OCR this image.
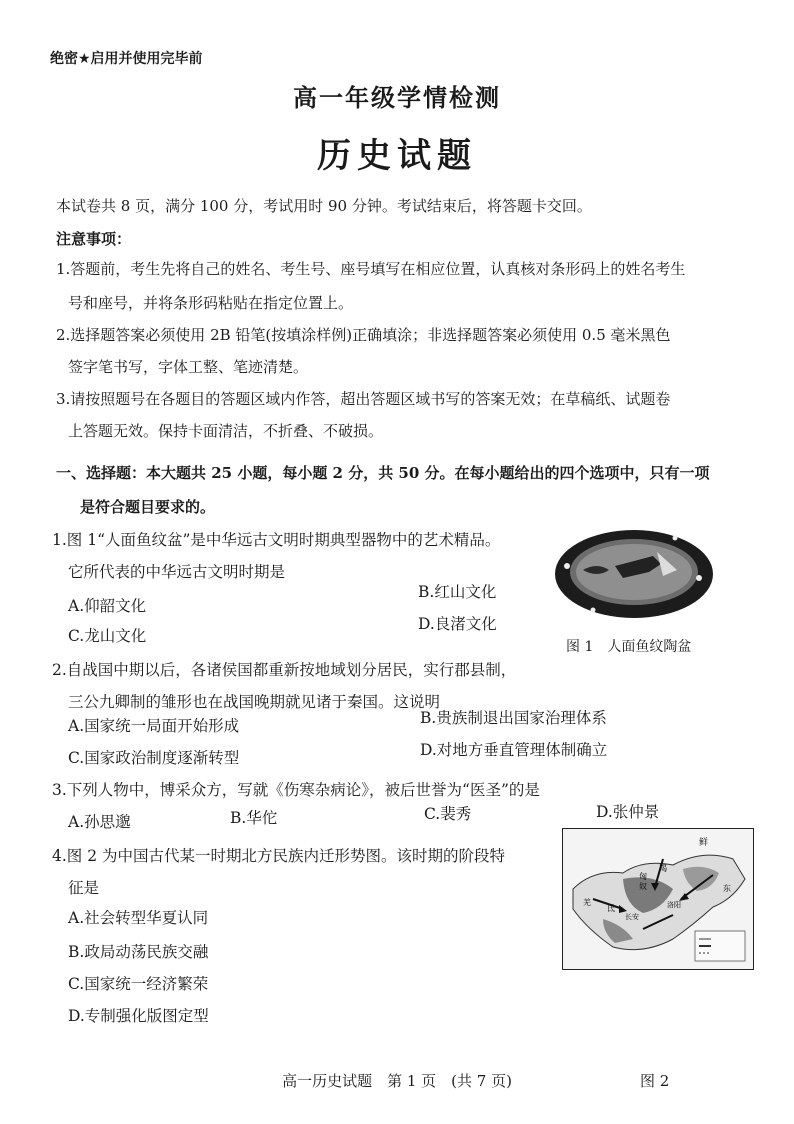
绝密★启用并使用完毕前
高一年级学情检测
历史试题
本试卷共 8 页，满分 100 分，考试用时 90 分钟。考试结束后，将答题卡交回。
注意事项：
1.答题前，考生先将自己的姓名、考生号、座号填写在相应位置，认真核对条形码上的姓名考生
号和座号，并将条形码粘贴在指定位置上。
2.选择题答案必须使用 2B 铅笔(按填涂样例)正确填涂；非选择题答案必须使用 0.5 毫米黑色
签字笔书写，字体工整、笔迹清楚。
3.请按照题号在各题目的答题区域内作答，超出答题区域书写的答案无效；在草稿纸、试题卷
上答题无效。保持卡面清洁，不折叠、不破损。
一、选择题：本大题共 25 小题，每小题 2 分，共 50 分。在每小题给出的四个选项中，只有一项
是符合题目要求的。
1.图 1“人面鱼纹盆”是中华远古文明时期典型器物中的艺术精品。
它所代表的中华远古文明时期是
A.仰韶文化
B.红山文化
C.龙山文化
D.良渚文化
图 1　人面鱼纹陶盆
2.自战国中期以后，各诸侯国都重新按地域划分居民，实行郡县制，
三公九卿制的雏形也在战国晚期就见诸于秦国。这说明
A.国家统一局面开始形成	B.贵族制退出国家治理体系
C.国家政治制度逐渐转型	D.对地方垂直管理体制确立
3.下列人物中，博采众方，写就《伤寒杂病论》，被后世誉为“医圣”的是
A.孙思邈	B.华佗	C.裴秀	D.张仲景
4.图 2 为中国古代某一时期北方民族内迁形势图。该时期的阶段特
征是
A.社会转型华夏认同
B.政局动荡民族交融
C.国家统一经济繁荣
D.专制强化版图定型
鲜
匈
奴
洛阳
长安
东
羯
氐
羌
高一历史试题　第 1 页　(共 7 页)	图 2
